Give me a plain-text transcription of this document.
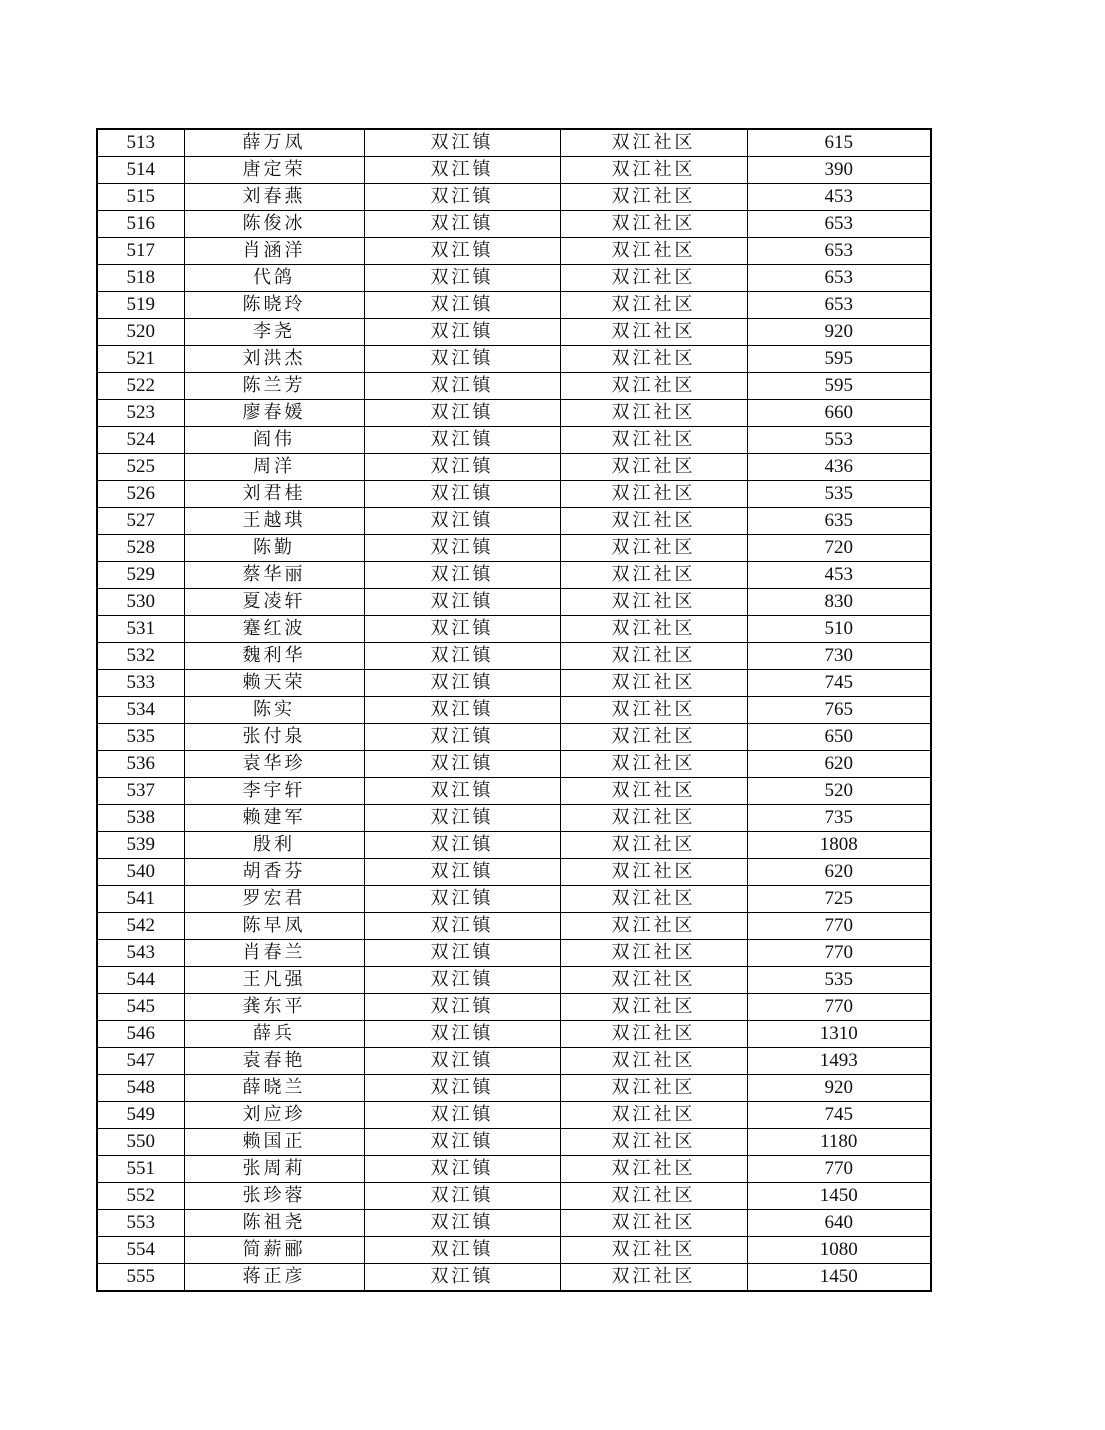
513	薛万凤	双江镇	双江社区	615
514	唐定荣	双江镇	双江社区	390
515	刘春燕	双江镇	双江社区	453
516	陈俊冰	双江镇	双江社区	653
517	肖涵洋	双江镇	双江社区	653
518	代鸽	双江镇	双江社区	653
519	陈晓玲	双江镇	双江社区	653
520	李尧	双江镇	双江社区	920
521	刘洪杰	双江镇	双江社区	595
522	陈兰芳	双江镇	双江社区	595
523	廖春媛	双江镇	双江社区	660
524	阎伟	双江镇	双江社区	553
525	周洋	双江镇	双江社区	436
526	刘君桂	双江镇	双江社区	535
527	王越琪	双江镇	双江社区	635
528	陈勤	双江镇	双江社区	720
529	蔡华丽	双江镇	双江社区	453
530	夏凌轩	双江镇	双江社区	830
531	蹇红波	双江镇	双江社区	510
532	魏利华	双江镇	双江社区	730
533	赖天荣	双江镇	双江社区	745
534	陈实	双江镇	双江社区	765
535	张付泉	双江镇	双江社区	650
536	袁华珍	双江镇	双江社区	620
537	李宇轩	双江镇	双江社区	520
538	赖建军	双江镇	双江社区	735
539	殷利	双江镇	双江社区	1808
540	胡香芬	双江镇	双江社区	620
541	罗宏君	双江镇	双江社区	725
542	陈早凤	双江镇	双江社区	770
543	肖春兰	双江镇	双江社区	770
544	王凡强	双江镇	双江社区	535
545	龚东平	双江镇	双江社区	770
546	薛兵	双江镇	双江社区	1310
547	袁春艳	双江镇	双江社区	1493
548	薛晓兰	双江镇	双江社区	920
549	刘应珍	双江镇	双江社区	745
550	赖国正	双江镇	双江社区	1180
551	张周莉	双江镇	双江社区	770
552	张珍蓉	双江镇	双江社区	1450
553	陈祖尧	双江镇	双江社区	640
554	简薪郦	双江镇	双江社区	1080
555	蒋正彦	双江镇	双江社区	1450
